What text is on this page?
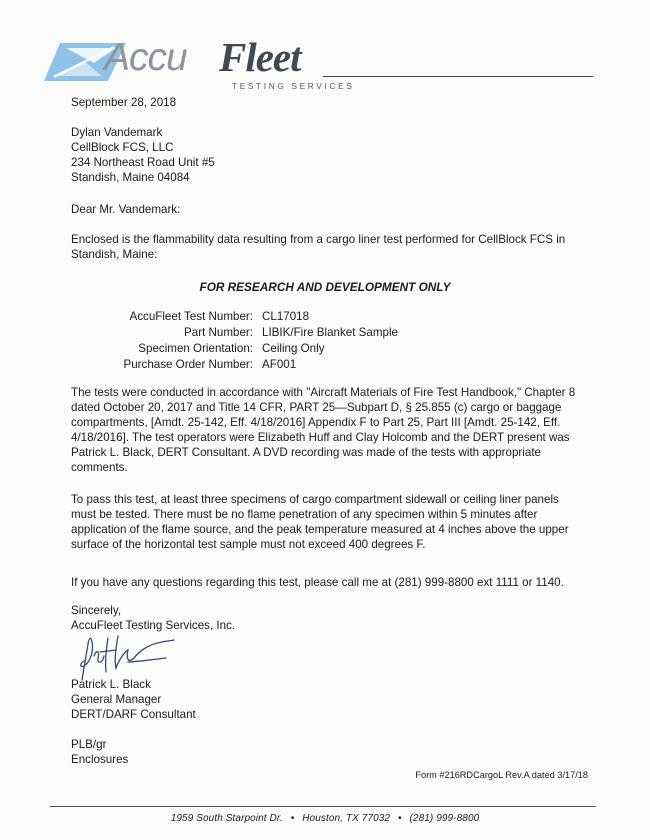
Accu Fleet
TESTING SERVICES
September 28, 2018
Dylan Vandemark
CellBlock FCS, LLC
234 Northeast Road Unit #5
Standish, Maine 04084
Dear Mr. Vandemark:
Enclosed is the flammability data resulting from a cargo liner test performed for CellBlock FCS in
Standish, Maine:
FOR RESEARCH AND DEVELOPMENT ONLY
AccuFleet Test Number: CL17018
Part Number: LIBIK/Fire Blanket Sample
Specimen Orientation: Ceiling Only
Purchase Order Number: AF001
The tests were conducted in accordance with "Aircraft Materials of Fire Test Handbook," Chapter 8
dated October 20, 2017 and Title 14 CFR, PART 25—Subpart D, § 25.855 (c) cargo or baggage
compartments, [Amdt. 25-142, Eff. 4/18/2016] Appendix F to Part 25, Part III [Amdt. 25-142, Eff.
4/18/2016]. The test operators were Elizabeth Huff and Clay Holcomb and the DERT present was
Patrick L. Black, DERT Consultant. A DVD recording was made of the tests with appropriate
comments.
To pass this test, at least three specimens of cargo compartment sidewall or ceiling liner panels
must be tested. There must be no flame penetration of any specimen within 5 minutes after
application of the flame source, and the peak temperature measured at 4 inches above the upper
surface of the horizontal test sample must not exceed 400 degrees F.
If you have any questions regarding this test, please call me at (281) 999-8800 ext 1111 or 1140.
Sincerely,
AccuFleet Testing Services, Inc.
Patrick L. Black
General Manager
DERT/DARF Consultant
PLB/gr
Enclosures
Form #216RDCargoL Rev.A dated 3/17/18
1959 South Starpoint Dr. • Houston, TX 77032 • (281) 999-8800
